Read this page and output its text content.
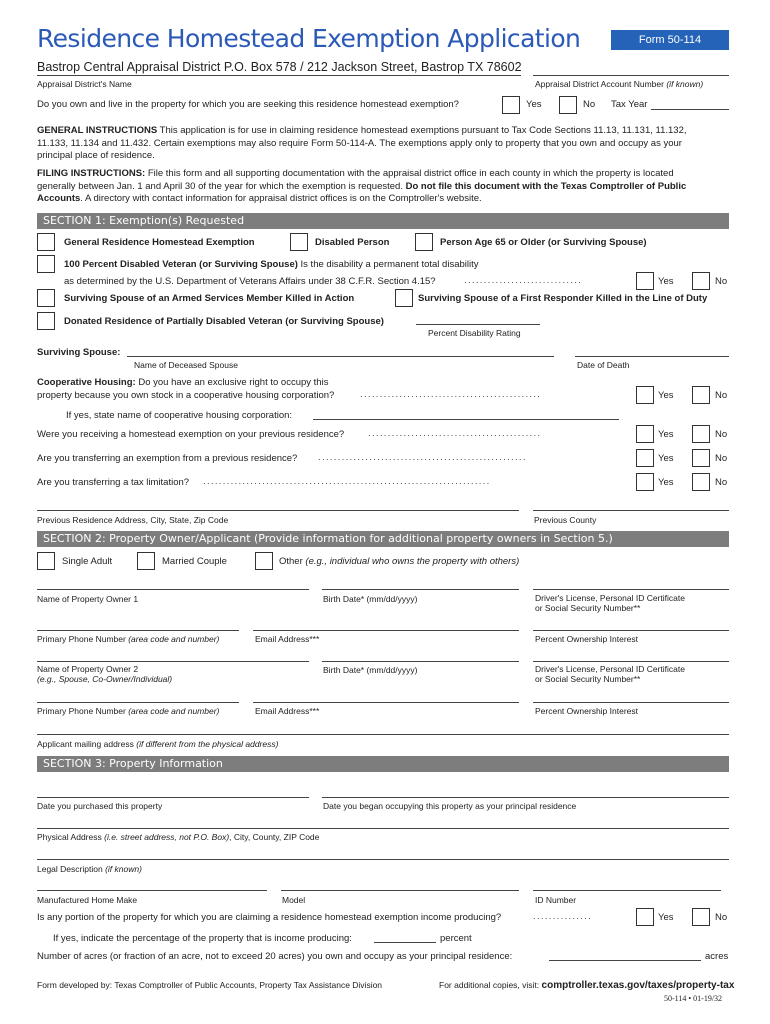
Residence Homestead Exemption Application	Form 50-114
Bastrop Central Appraisal District P.O. Box 578 / 212 Jackson Street, Bastrop TX 78602
Appraisal District's Name	Appraisal District Account Number (if known)
Do you own and live in the property for which you are seeking this residence homestead exemption?	Yes	No Tax Year
GENERAL INSTRUCTIONS This application is for use in claiming residence homestead exemptions pursuant to Tax Code Sections 11.13, 11.131, 11.132,
11.133, 11.134 and 11.432. Certain exemptions may also require Form 50-114-A. The exemptions apply only to property that you own and occupy as your
principal place of residence.
FILING INSTRUCTIONS: File this form and all supporting documentation with the appraisal district office in each county in which the property is located
generally between Jan. 1 and April 30 of the year for which the exemption is requested. Do not file this document with the Texas Comptroller of Public
Accounts. A directory with contact information for appraisal district offices is on the Comptroller's website.
SECTION 1: Exemption(s) Requested
General Residence Homestead Exemption	Disabled Person	Person Age 65 or Older (or Surviving Spouse)
100 Percent Disabled Veteran (or Surviving Spouse) Is the disability a permanent total disability
as determined by the U.S. Department of Veterans Affairs under 38 C.F.R. Section 4.15?	..............................	Yes	No
Surviving Spouse of an Armed Services Member Killed in Action	Surviving Spouse of a First Responder Killed in the Line of Duty
Donated Residence of Partially Disabled Veteran (or Surviving Spouse)
Percent Disability Rating
Surviving Spouse:
Name of Deceased Spouse	Date of Death
Cooperative Housing: Do you have an exclusive right to occupy this
property because you own stock in a cooperative housing corporation?	..............................................	Yes	No
If yes, state name of cooperative housing corporation:
Were you receiving a homestead exemption on your previous residence?	............................................	Yes	No
Are you transferring an exemption from a previous residence? .....................................................	Yes	No
Are you transferring a tax limitation? .........................................................................	Yes	No
Previous Residence Address, City, State, Zip Code	Previous County
SECTION 2: Property Owner/Applicant (Provide information for additional property owners in Section 5.)
Single Adult	Married Couple	Other (e.g., individual who owns the property with others)
Name of Property Owner 1	Birth Date* (mm/dd/yyyy)	Driver's License, Personal ID Certificate
or Social Security Number**
Primary Phone Number (area code and number)	Email Address***	Percent Ownership Interest
Name of Property Owner 2
(e.g., Spouse, Co-Owner/Individual)
Birth Date* (mm/dd/yyyy)	Driver's License, Personal ID Certificate
or Social Security Number**
Primary Phone Number (area code and number)	Email Address***	Percent Ownership Interest
Applicant mailing address (if different from the physical address)
SECTION 3: Property Information
Date you purchased this property	Date you began occupying this property as your principal residence
Physical Address (i.e. street address, not P.O. Box), City, County, ZIP Code
Legal Description (if known)
Manufactured Home Make	Model	ID Number
Is any portion of the property for which you are claiming a residence homestead exemption income producing?	...............	Yes	No
If yes, indicate the percentage of the property that is income producing:	percent
Number of acres (or fraction of an acre, not to exceed 20 acres) you own and occupy as your principal residence:	acres
Form developed by: Texas Comptroller of Public Accounts, Property Tax Assistance Division	For additional copies, visit: comptroller.texas.gov/taxes/property-tax
50-114 • 01-19/32
